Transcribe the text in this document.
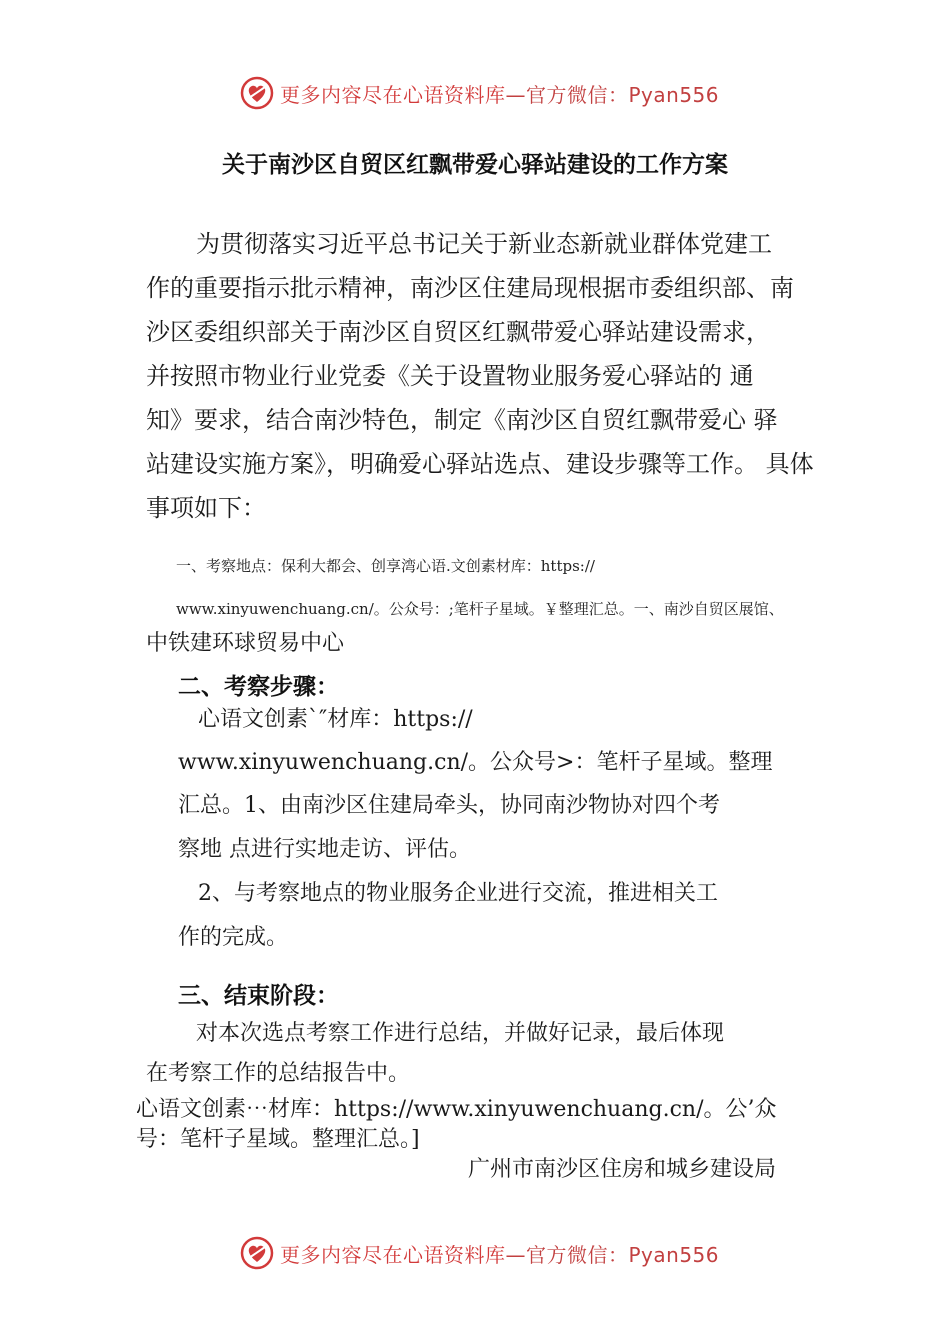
更多内容尽在心语资料库—官方微信：Pyan556
关于南沙区自贸区红飘带爱心驿站建设的工作方案
为贯彻落实习近平总书记关于新业态新就业群体党建工
作的重要指示批示精神，南沙区住建局现根据市委组织部、南
沙区委组织部关于南沙区自贸区红飘带爱心驿站建设需求，
并按照市物业行业党委《关于设置物业服务爱心驿站的 通
知》要求，结合南沙特色，制定《南沙区自贸红飘带爱心 驿
站建设实施方案》，明确爱心驿站选点、建设步骤等工作。 具体
事项如下：
一、考察地点：保利大都会、创享湾心语.文创素材库：https://
www.xinyuwenchuang.cn/。公众号：;笔杆子星域。￥整理汇总。一、南沙自贸区展馆、
中铁建环球贸易中心
二、考察步骤：
心语文创素`″材库：https://
www.xinyuwenchuang.cn/。公众号>：笔杆子星域。整理
汇总。1、由南沙区住建局牵头，协同南沙物协对四个考
察地 点进行实地走访、评估。
2、与考察地点的物业服务企业进行交流，推进相关工
作的完成。
三、结束阶段：
对本次选点考察工作进行总结，并做好记录，最后体现
在考察工作的总结报告中。
心语文创素⋯材库：https://www.xinyuwenchuang.cn/。公’众
号：笔杆子星域。整理汇总。]
广州市南沙区住房和城乡建设局
更多内容尽在心语资料库—官方微信：Pyan556
